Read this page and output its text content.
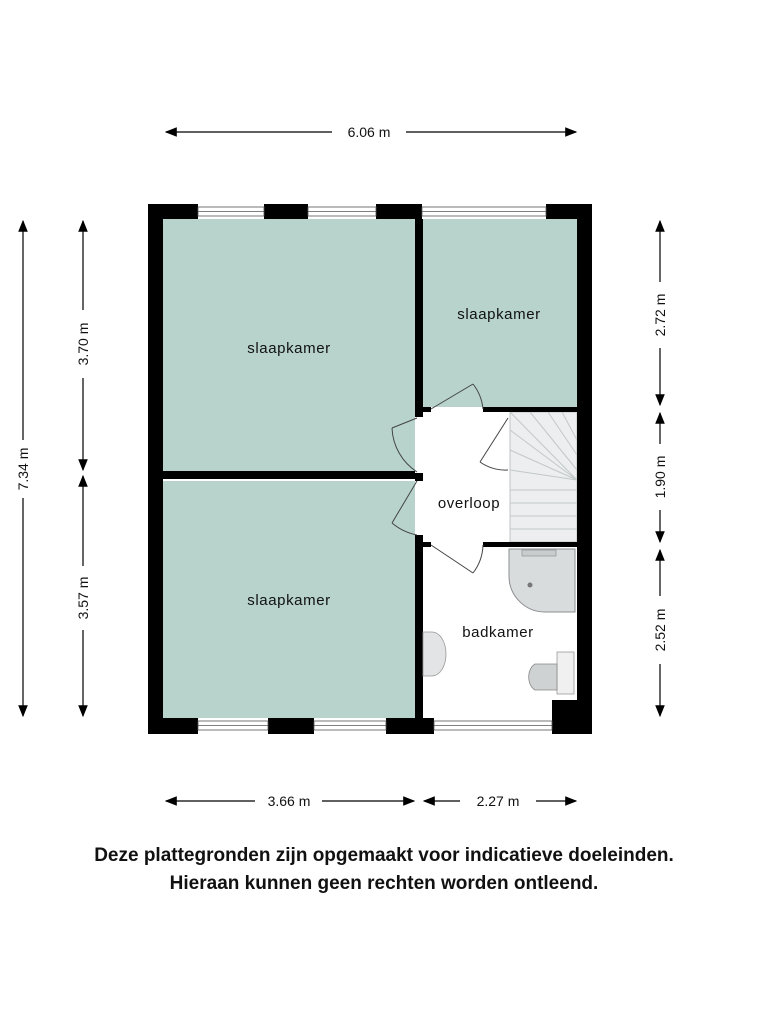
slaapkamer
slaapkamer
slaapkamer
overloop
badkamer
6.06 m
3.66 m	2.27 m
7.34 m
3.70 m
3.57 m
2.72 m
1.90 m
2.52 m

Deze plattegronden zijn opgemaakt voor indicatieve doeleinden.

Hieraan kunnen geen rechten worden ontleend.
